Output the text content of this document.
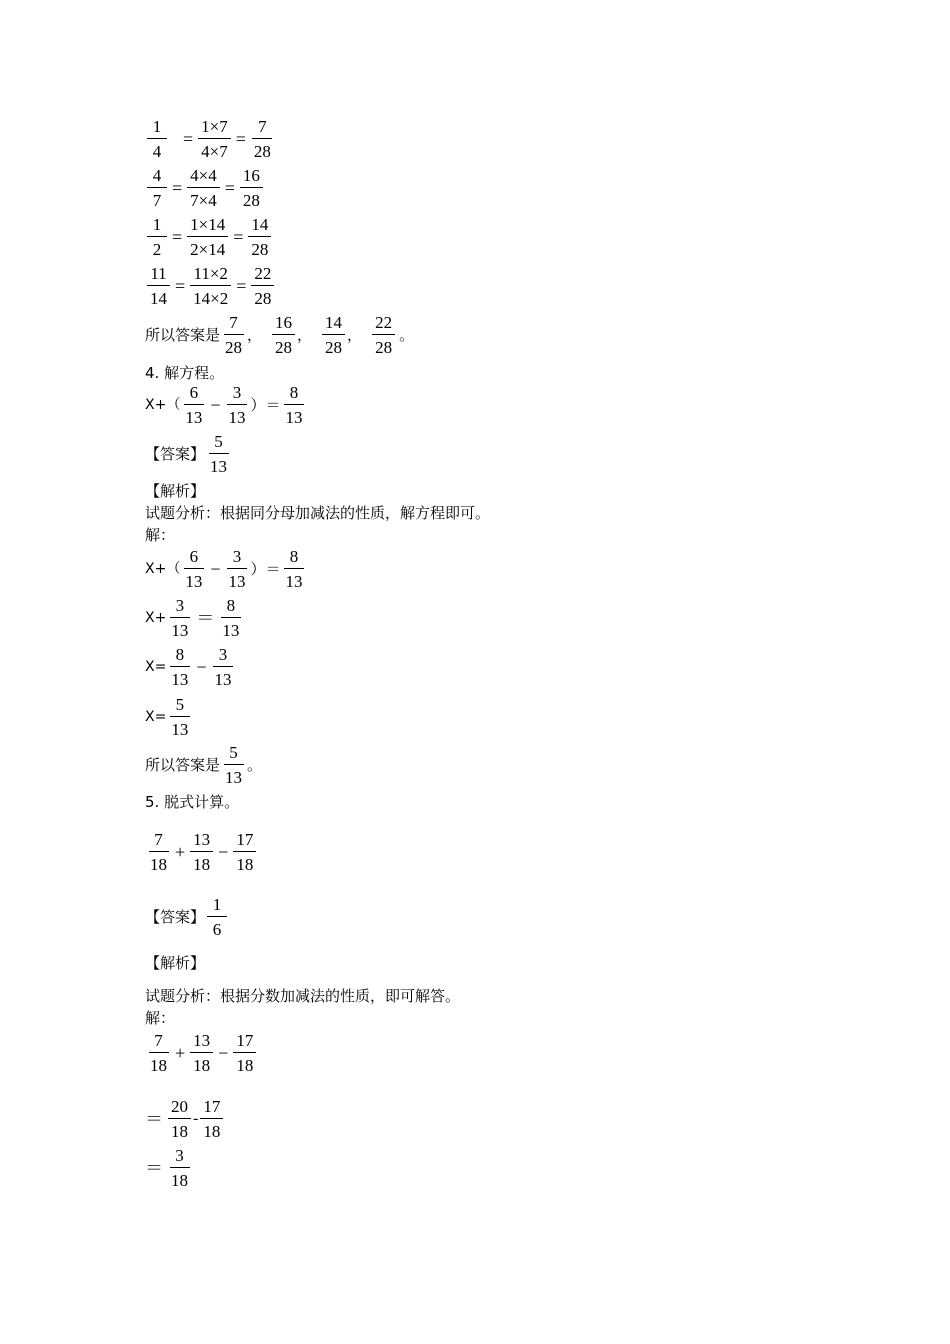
$\frac{1}{4} = \frac{1\times 7}{4\times 7} = \frac{7}{28}$
$\frac{4}{7} = \frac{4\times 4}{7\times 4} = \frac{16}{28}$
$\frac{1}{2} = \frac{1\times 14}{2\times 14} = \frac{14}{28}$
$\frac{11}{14} = \frac{11\times 2}{14\times 2} = \frac{22}{28}$
所以答案是 $\frac{7}{28}$ ， $\frac{16}{28}$ ， $\frac{14}{28}$ ， $\frac{22}{28}$ 。
4. 解方程。
$X+( \frac{6}{13} - \frac{3}{13}$ ）＝ $\frac{8}{13}$
【答案】 $\frac{5}{13}$
【解析】
试题分析：根据同分母加减法的性质，解方程即可。
解：
$X+( \frac{6}{13} - \frac{3}{13}$ ）＝ $\frac{8}{13}$
$X+ \frac{3}{13} = \frac{8}{13}$
$X= \frac{8}{13} - \frac{3}{13}$
$X= \frac{5}{13}$
所以答案是 $\frac{5}{13}$ 。
5. 脱式计算。
$\frac{7}{18} + \frac{13}{18} - \frac{17}{18}$
【答案】 $\frac{1}{6}$
【解析】
试题分析：根据分数加减法的性质，即可解答。
解：
$\frac{7}{18} + \frac{13}{18} - \frac{17}{18}$
＝ $\frac{20}{18} - \frac{17}{18}$
＝ $\frac{3}{18}$
